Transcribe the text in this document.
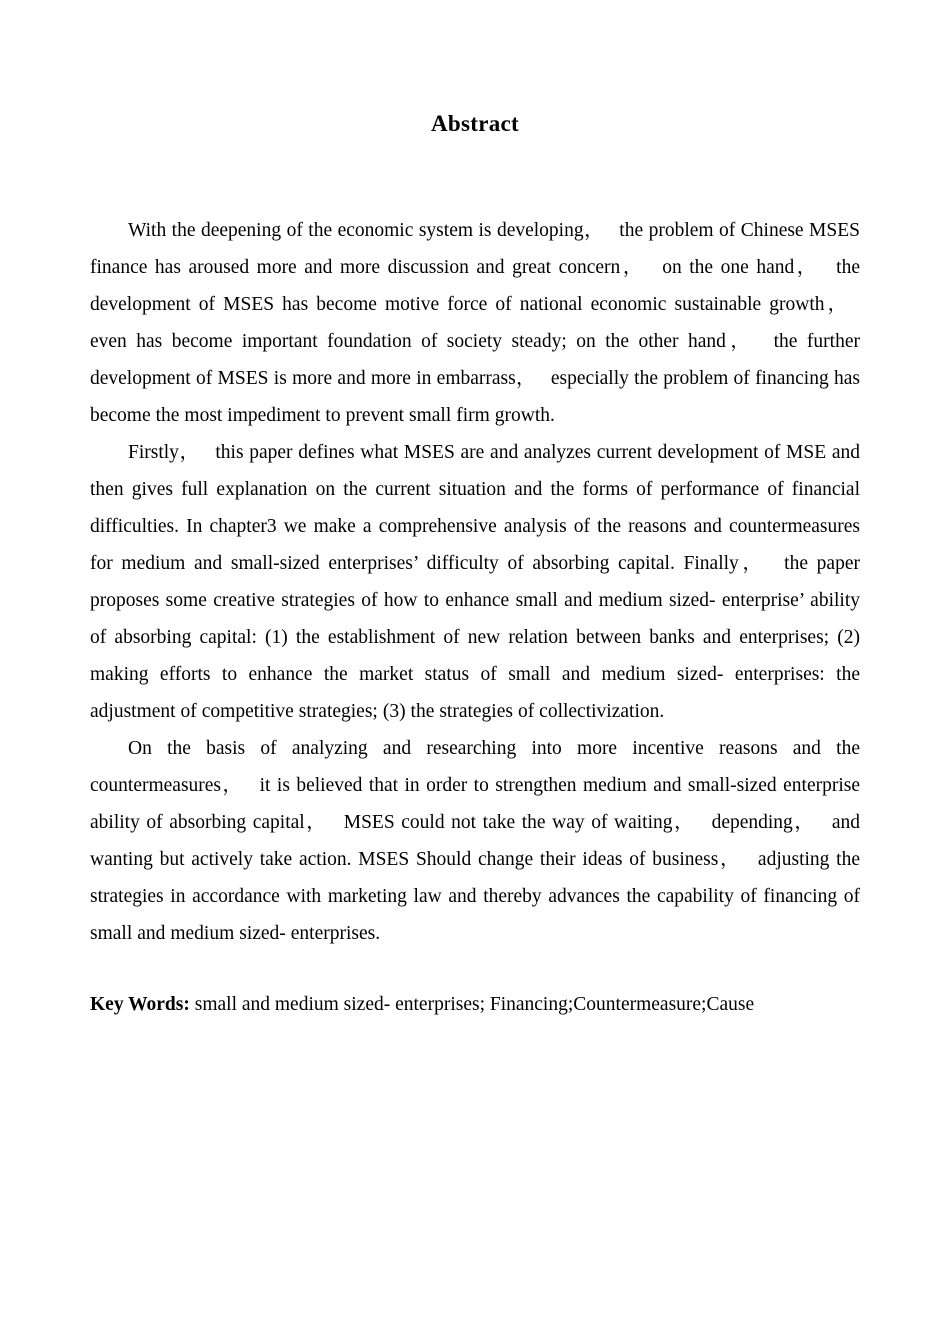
Abstract

With the deepening of the economic system is developing，  the problem of Chinese MSES finance has aroused more and more discussion and great concern，  on the one hand，  the development of MSES has become motive force of national economic sustainable growth，  even has become important foundation of society steady; on the other hand，  the further development of MSES is more and more in embarrass，  especially the problem of financing has become the most impediment to prevent small firm growth.

Firstly，  this paper defines what MSES are and analyzes current development of MSE and then gives full explanation on the current situation and the forms of performance of financial difficulties. In chapter3 we make a comprehensive analysis of the reasons and countermeasures for medium and small-sized enterprises’ difficulty of absorbing capital. Finally，  the paper proposes some creative strategies of how to enhance small and medium sized- enterprise’ ability of absorbing capital: (1) the establishment of new relation between banks and enterprises; (2) making efforts to enhance the market status of small and medium sized- enterprises: the adjustment of competitive strategies; (3) the strategies of collectivization.

On the basis of analyzing and researching into more incentive reasons and the countermeasures，  it is believed that in order to strengthen medium and small-sized enterprise ability of absorbing capital，  MSES could not take the way of waiting，  depending，  and wanting but actively take action. MSES Should change their ideas of business，  adjusting the strategies in accordance with marketing law and thereby advances the capability of financing of small and medium sized- enterprises.

Key Words: small and medium sized- enterprises; Financing;Countermeasure;Cause
